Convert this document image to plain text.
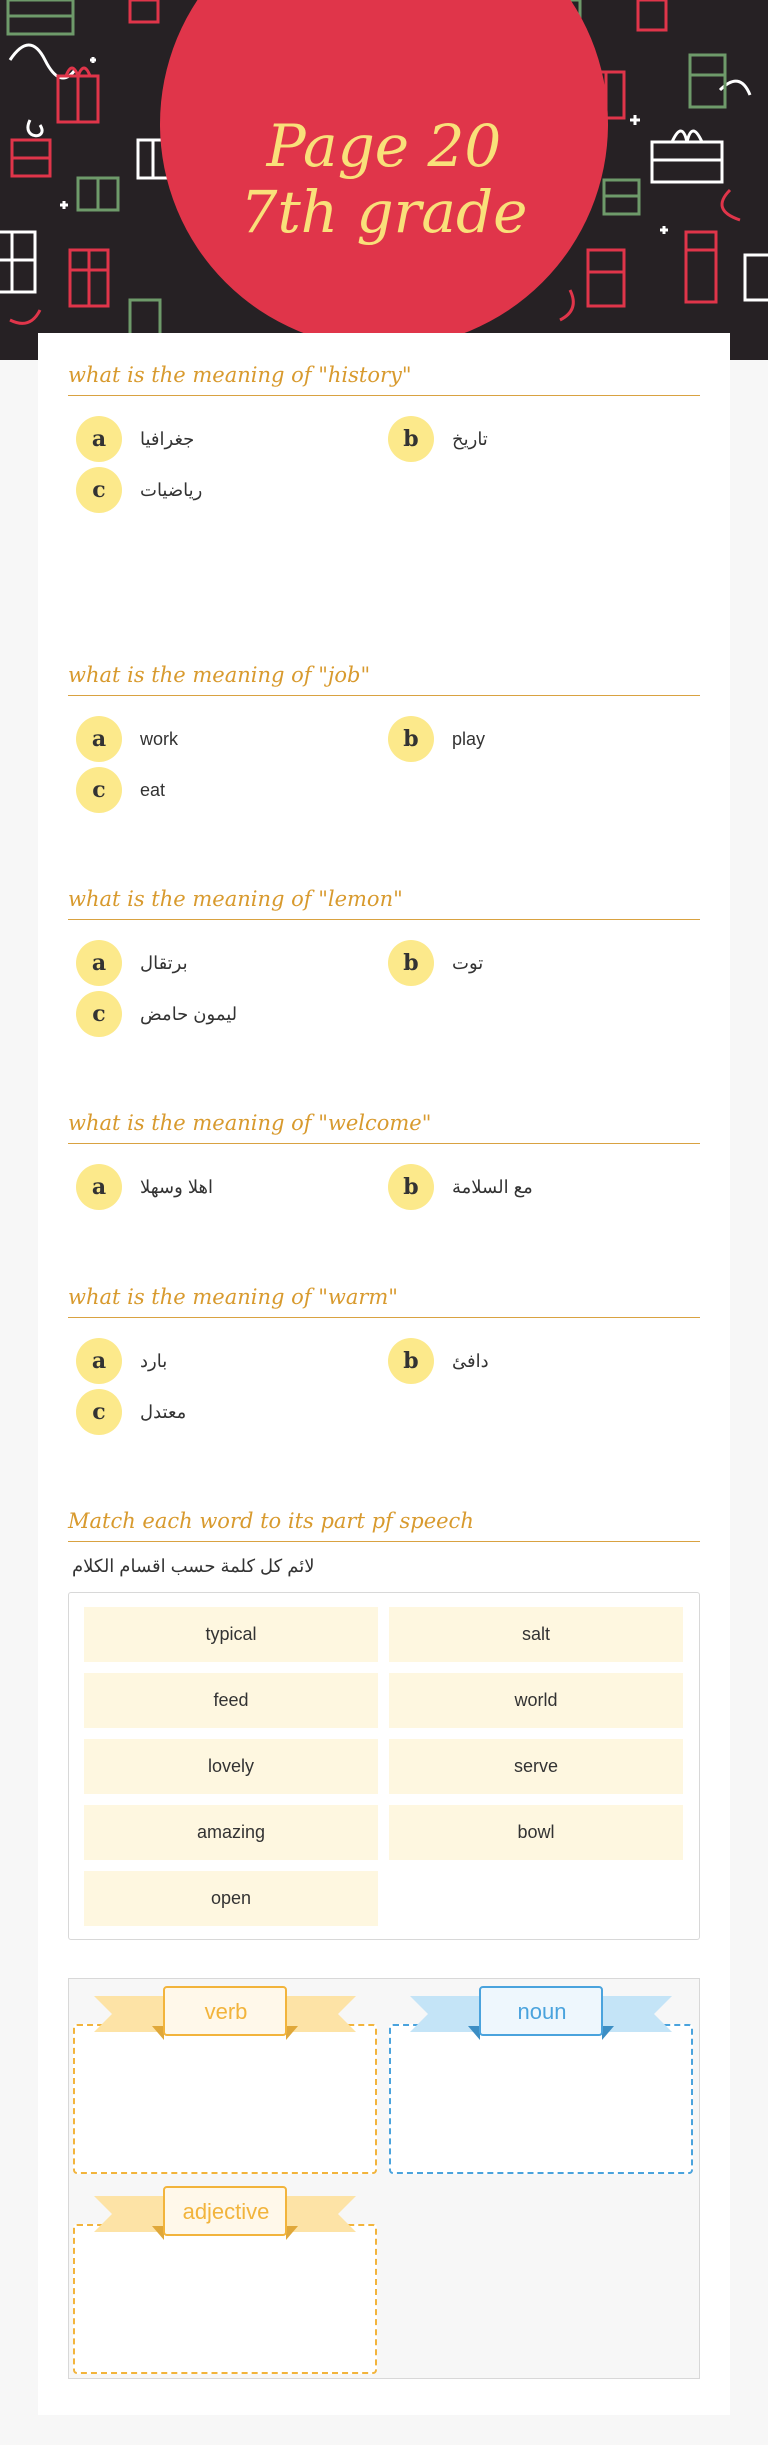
Page 20 7th grade
what is the meaning of "history"
a	جغرافيا	b	تاريخ
c	رياضيات
what is the meaning of "job"
a	work	b	play
c	eat
what is the meaning of "lemon"
a	برتقال	b	توت
c	ليمون حامض
what is the meaning of "welcome"
a	اهلا وسهلا	b	مع السلامة
what is the meaning of "warm"
a	بارد	b	دافئ
c	معتدل
Match each word to its part pf speech
لائم كل كلمة حسب اقسام الكلام
typical	salt
feed	world
lovely	serve
amazing	bowl
open
verb	noun
adjective
